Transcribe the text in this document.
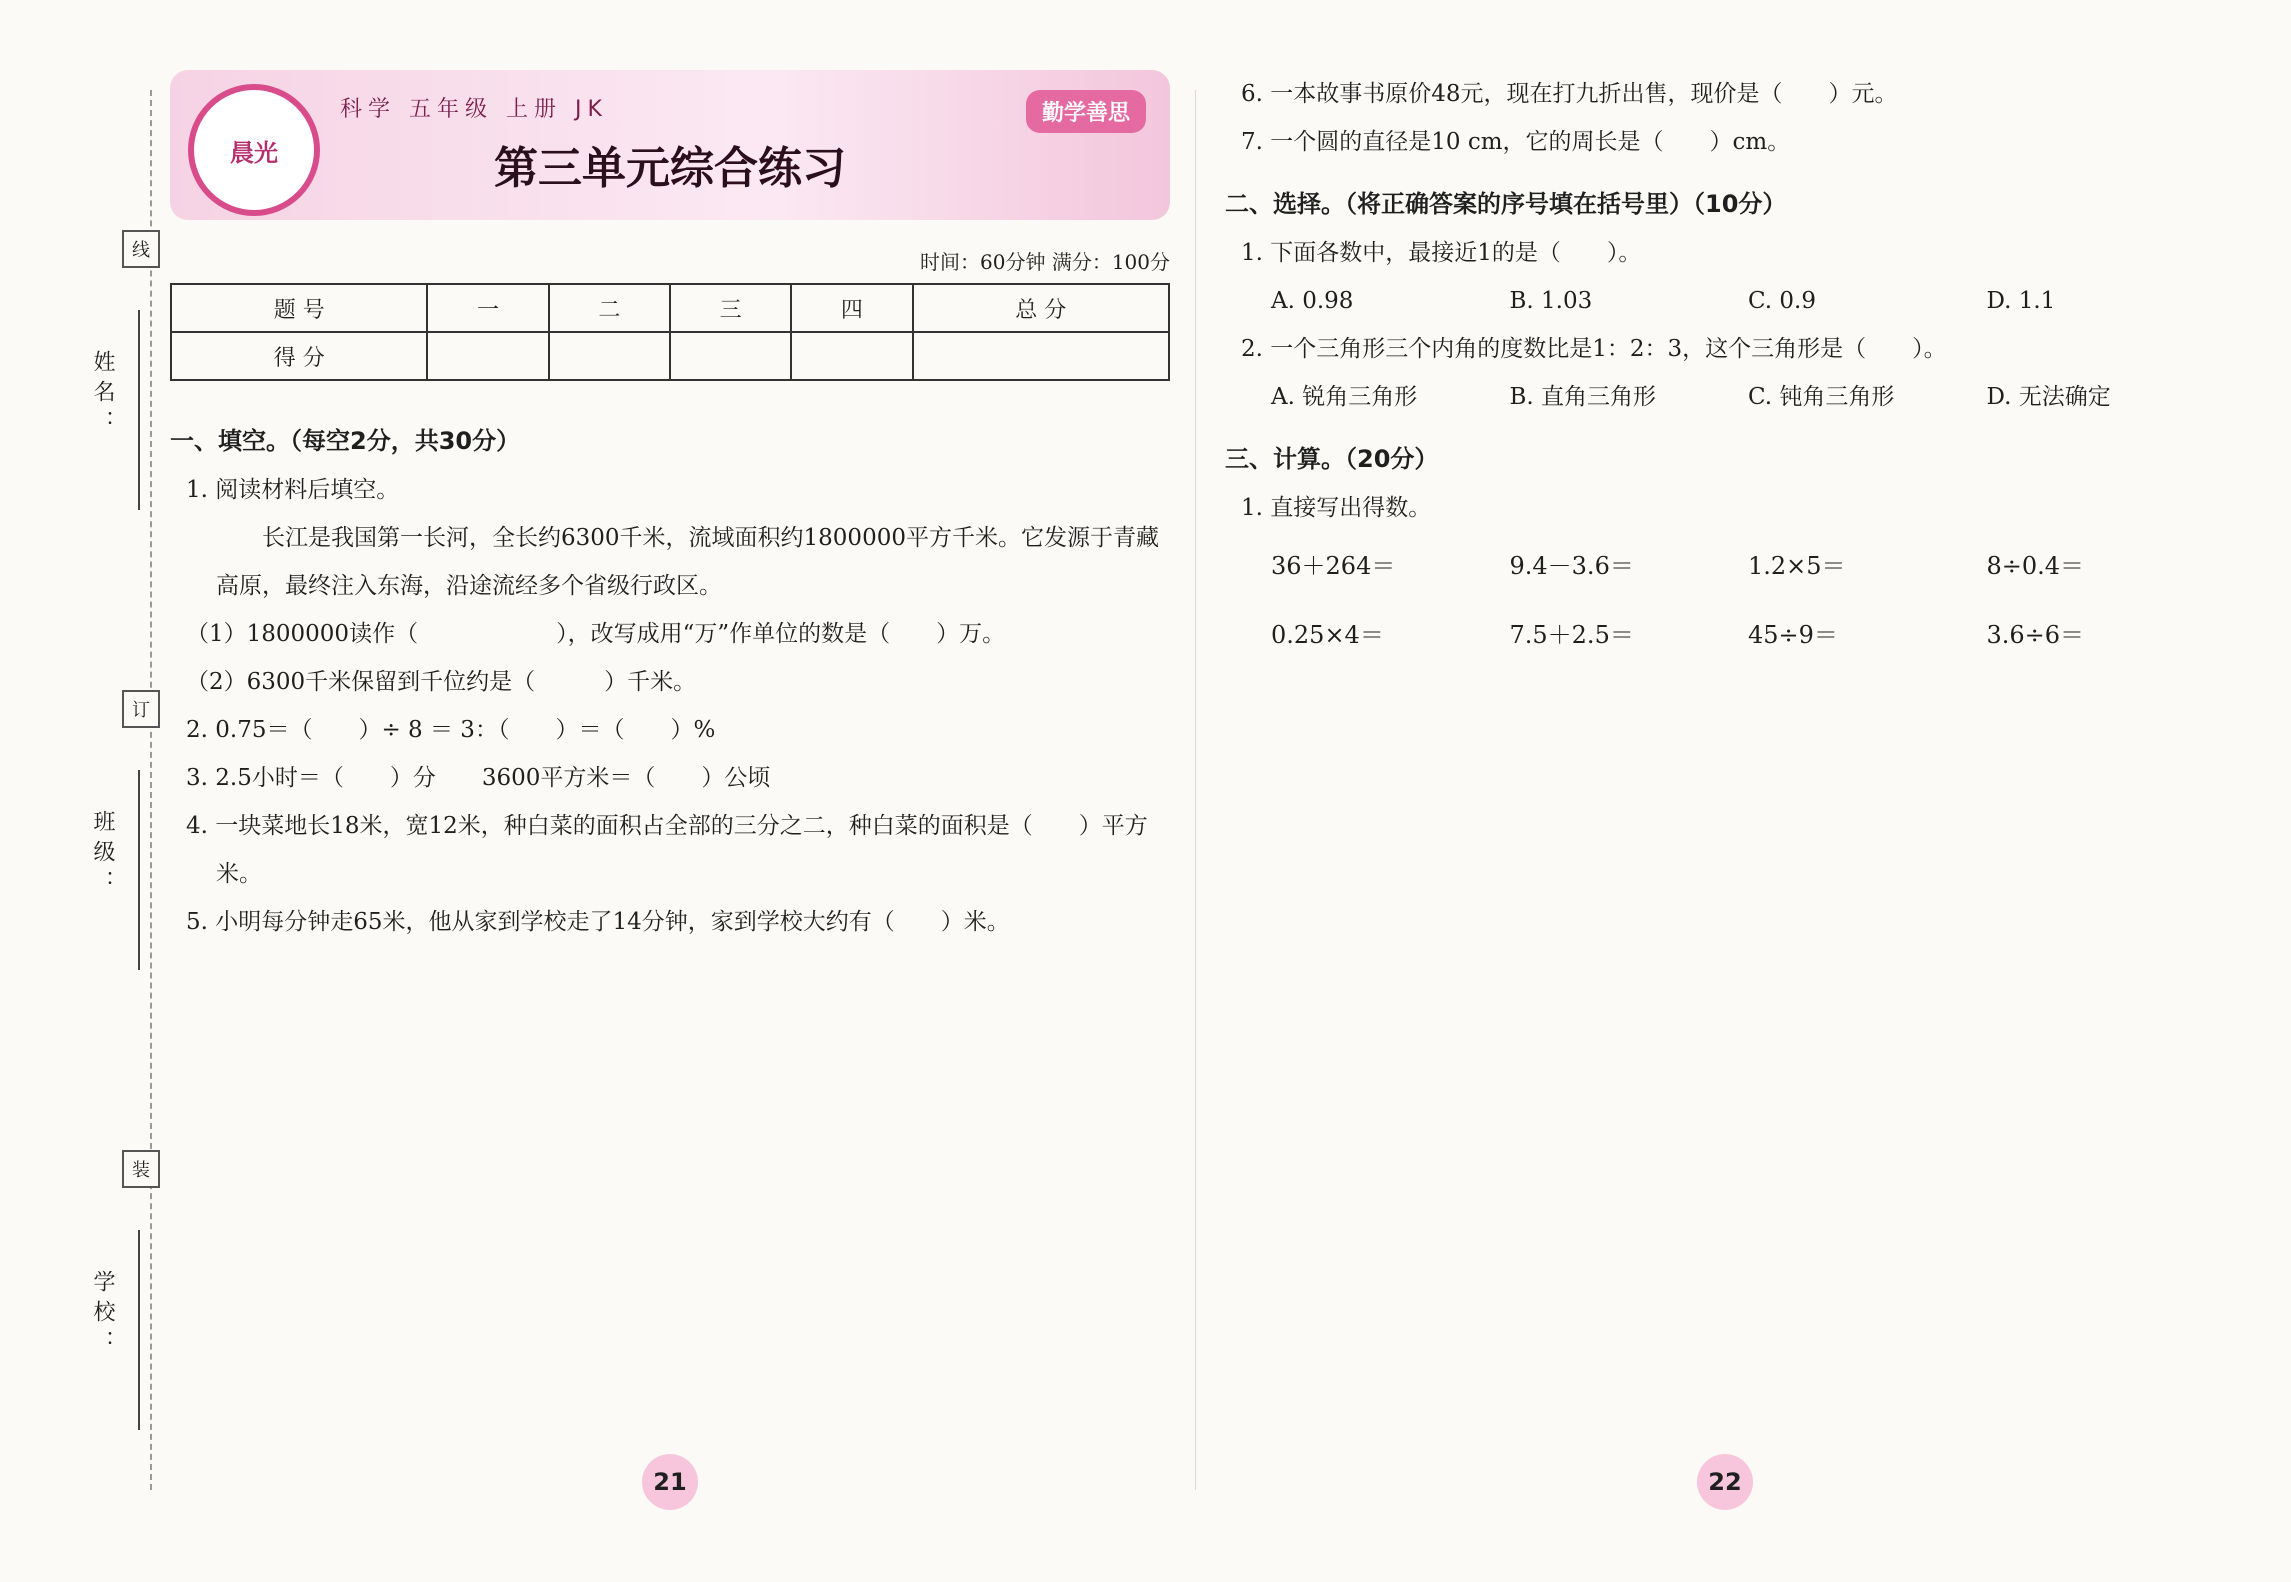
学校：
班级：
姓名：
装
订
线
晨光
科学 五年级 上册 JK
第三单元综合练习
勤学善思
时间：60分钟 满分：100分
题 号	一	二	三	四	总 分
得 分					
一、填空。（每空2分，共30分）
1. 阅读材料后填空。
长江是我国第一长河，全长约6300千米，流域面积约1800000平方千米。它发源于青藏高原，最终注入东海，沿途流经多个省级行政区。
（1）1800000读作（　　　　　　），改写成用“万”作单位的数是（　　）万。
（2）6300千米保留到千位约是（　　　）千米。
2. 0.75＝（　　）÷ 8 ＝ 3：（　　）＝（　　）%
3. 2.5小时＝（　　）分　　3600平方米＝（　　）公顷
4. 一块菜地长18米，宽12米，种白菜的面积占全部的三分之二，种白菜的面积是（　　）平方米。
5. 小明每分钟走65米，他从家到学校走了14分钟，家到学校大约有（　　）米。
21
6. 一本故事书原价48元，现在打九折出售，现价是（　　）元。
7. 一个圆的直径是10 cm，它的周长是（　　）cm。
二、选择。（将正确答案的序号填在括号里）（10分）
1. 下面各数中，最接近1的是（　　）。
A. 0.98	B. 1.03	C. 0.9	D. 1.1
2. 一个三角形三个内角的度数比是1：2：3，这个三角形是（　　）。
A. 锐角三角形	B. 直角三角形	C. 钝角三角形	D. 无法确定
三、计算。（20分）
1. 直接写出得数。
36＋264＝	9.4－3.6＝	1.2×5＝	8÷0.4＝
0.25×4＝	7.5＋2.5＝	45÷9＝	3.6÷6＝
22
